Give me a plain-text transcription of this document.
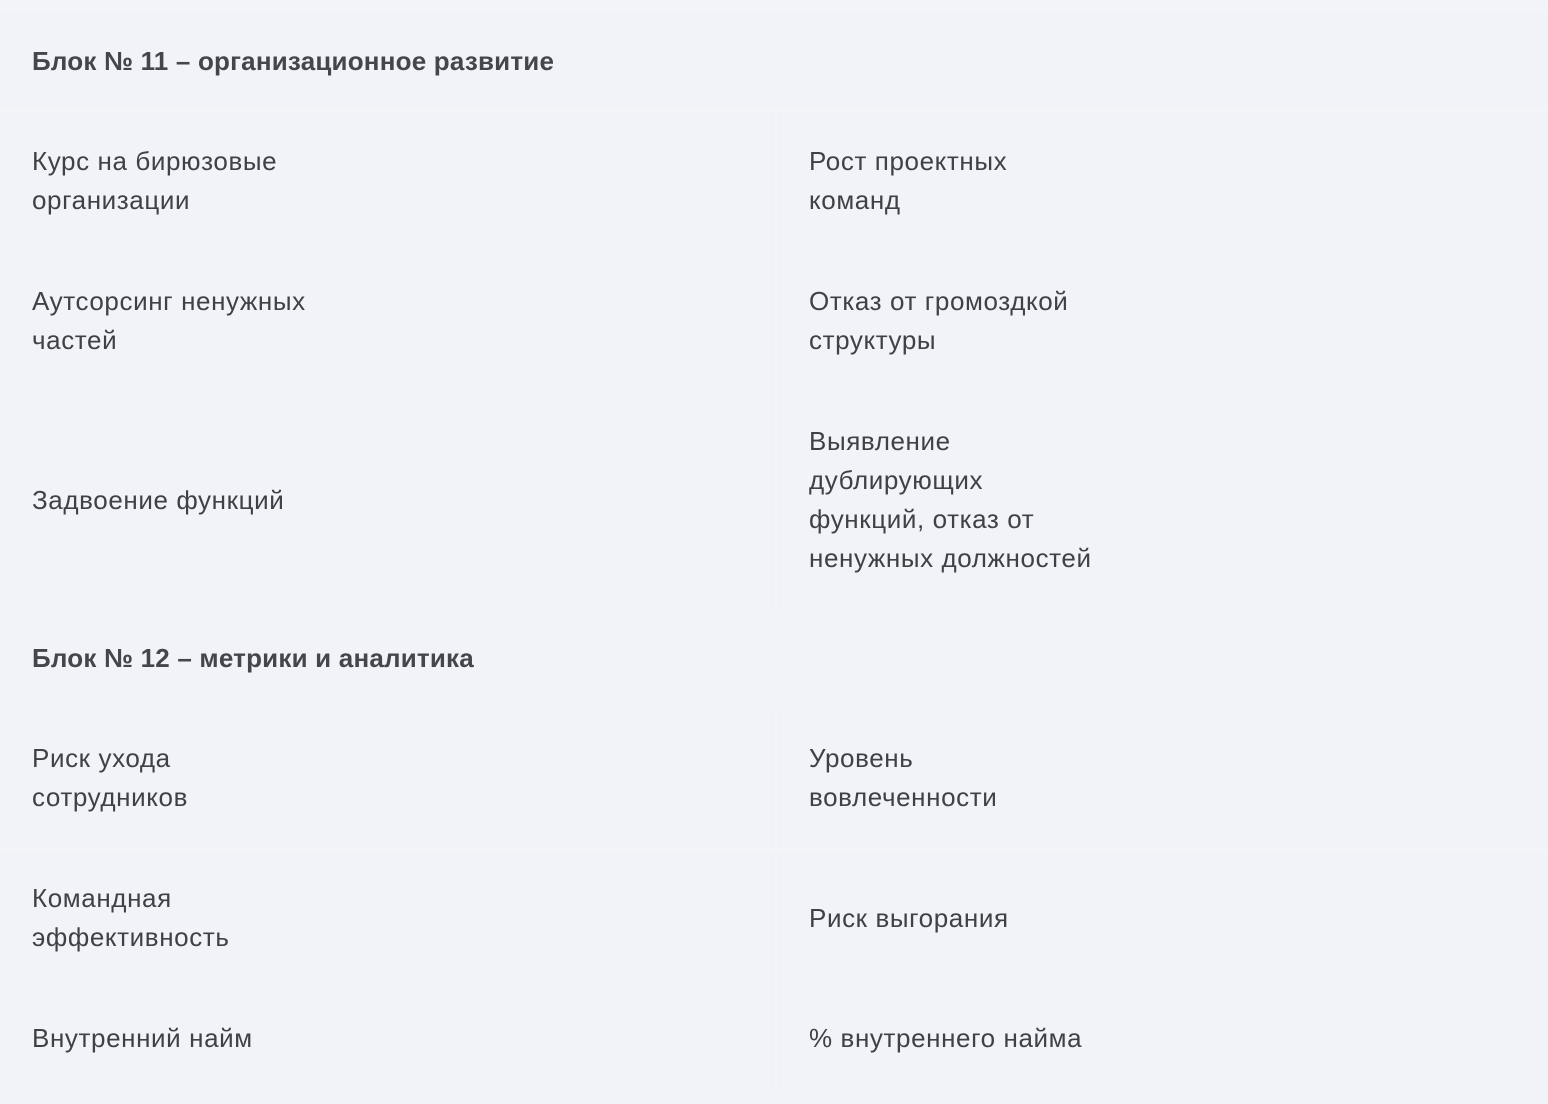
Блок № 11 – организационное развитие
Курс на бирюзовые
организации
Рост проектных
команд
Аутсорсинг ненужных
частей
Отказ от громоздкой
структуры
Задвоение функций
Выявление
дублирующих
функций, отказ от
ненужных должностей
Блок № 12 – метрики и аналитика
Риск ухода
сотрудников
Уровень
вовлеченности
Командная
эффективность
Риск выгорания
Внутренний найм	% внутреннего найма
